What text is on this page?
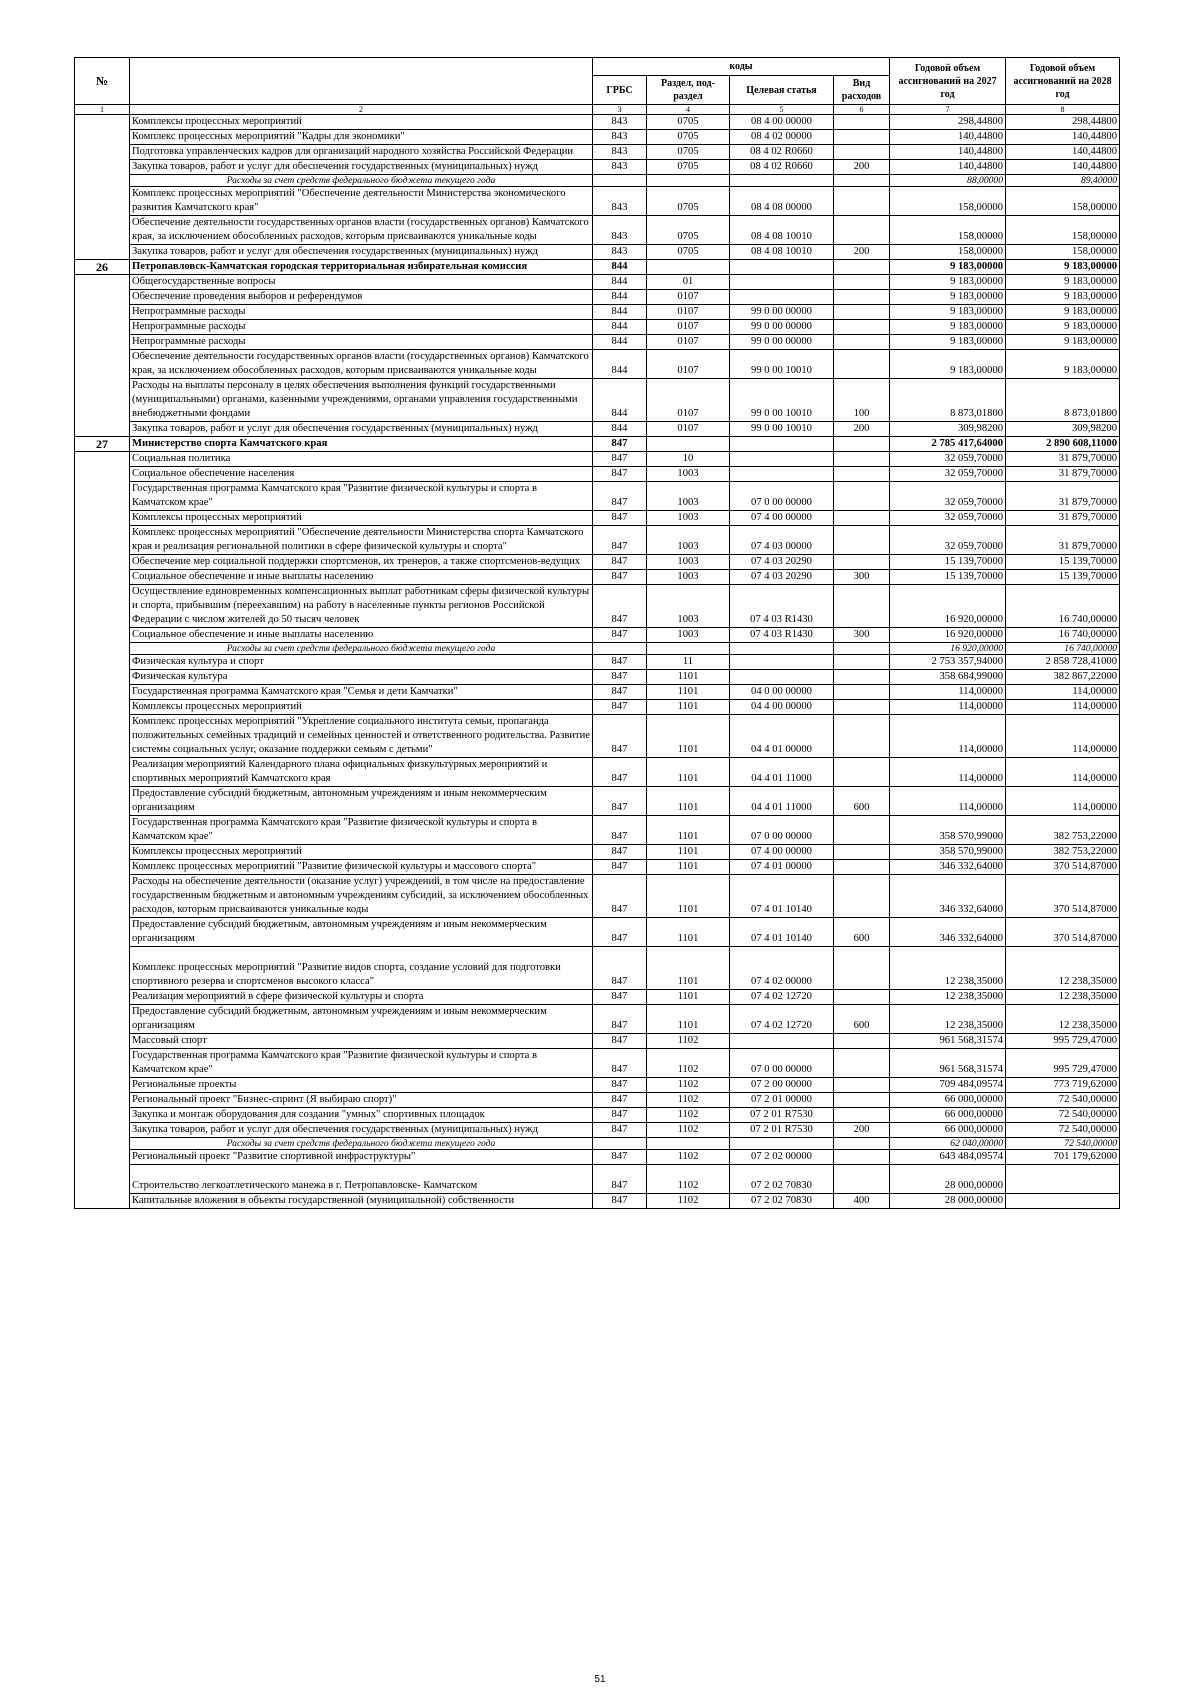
№		коды				Годовой объем ассигнований на 2027 год	Годовой объем ассигнований на 2028 год
		ГРБС	Раздел, под-раздел	Целевая статья	Вид расходов		
1	2	3	4	5	6	7	8
	Комплексы процессных мероприятий	843	0705	08 4 00 00000		298,44800	298,44800
	Комплекс процессных мероприятий "Кадры для экономики"	843	0705	08 4 02 00000		140,44800	140,44800
	Подготовка управленческих кадров для организаций народного хозяйства Российской Федерации	843	0705	08 4 02 R0660		140,44800	140,44800
	Закупка товаров, работ и услуг для обеспечения государственных (муниципальных) нужд	843	0705	08 4 02 R0660	200	140,44800	140,44800
	Расходы за счет средств федерального бюджета текущего года					88,00000	89,40000
	Комплекс процессных мероприятий "Обеспечение деятельности Министерства экономического развития Камчатского края"	843	0705	08 4 08 00000		158,00000	158,00000
	Обеспечение деятельности государственных органов власти (государственных органов) Камчатского края, за исключением обособленных расходов, которым присваиваются уникальные коды	843	0705	08 4 08 10010		158,00000	158,00000
	Закупка товаров, работ и услуг для обеспечения государственных (муниципальных) нужд	843	0705	08 4 08 10010	200	158,00000	158,00000
26	Петропавловск-Камчатская городская территориальная избирательная комиссия	844				9 183,00000	9 183,00000
	Общегосударственные вопросы	844	01			9 183,00000	9 183,00000
	Обеспечение проведения выборов и референдумов	844	0107			9 183,00000	9 183,00000
	Непрограммные расходы	844	0107	99 0 00 00000		9 183,00000	9 183,00000
	Непрограммные расходы	844	0107	99 0 00 00000		9 183,00000	9 183,00000
	Непрограммные расходы	844	0107	99 0 00 00000		9 183,00000	9 183,00000
	Обеспечение деятельности государственных органов власти (государственных органов) Камчатского края, за исключением обособленных расходов, которым присваиваются уникальные коды	844	0107	99 0 00 10010		9 183,00000	9 183,00000
	Расходы на выплаты персоналу в целях обеспечения выполнения функций государственными (муниципальными) органами, казенными учреждениями, органами управления государственными внебюджетными фондами	844	0107	99 0 00 10010	100	8 873,01800	8 873,01800
	Закупка товаров, работ и услуг для обеспечения государственных (муниципальных) нужд	844	0107	99 0 00 10010	200	309,98200	309,98200
27	Министерство спорта Камчатского края	847				2 785 417,64000	2 890 608,11000
	Социальная политика	847	10			32 059,70000	31 879,70000
	Социальное обеспечение населения	847	1003			32 059,70000	31 879,70000
	Государственная программа Камчатского края "Развитие физической культуры и спорта в Камчатском крае"	847	1003	07 0 00 00000		32 059,70000	31 879,70000
	Комплексы процессных мероприятий	847	1003	07 4 00 00000		32 059,70000	31 879,70000
	Комплекс процессных мероприятий "Обеспечение деятельности Министерства спорта Камчатского края и реализация региональной политики в сфере физической культуры и спорта"	847	1003	07 4 03 00000		32 059,70000	31 879,70000
	Обеспечение мер социальной поддержки спортсменов, их тренеров, а также спортсменов-ведущих	847	1003	07 4 03 20290		15 139,70000	15 139,70000
	Социальное обеспечение и иные выплаты населению	847	1003	07 4 03 20290	300	15 139,70000	15 139,70000
	Осуществление единовременных компенсационных выплат работникам сферы физической культуры и спорта, прибывшим (переехавшим) на работу в населенные пункты регионов Российской Федерации с числом жителей до 50 тысяч человек	847	1003	07 4 03 R1430		16 920,00000	16 740,00000
	Социальное обеспечение и иные выплаты населению	847	1003	07 4 03 R1430	300	16 920,00000	16 740,00000
	Расходы за счет средств федерального бюджета текущего года					16 920,00000	16 740,00000
	Физическая культура и спорт	847	11			2 753 357,94000	2 858 728,41000
	Физическая культура	847	1101			358 684,99000	382 867,22000
	Государственная программа Камчатского края "Семья и дети Камчатки"	847	1101	04 0 00 00000		114,00000	114,00000
	Комплексы процессных мероприятий	847	1101	04 4 00 00000		114,00000	114,00000
	Комплекс процессных мероприятий "Укрепление социального института семьи, пропаганда положительных семейных традиций и семейных ценностей и ответственного родительства. Развитие системы социальных услуг, оказание поддержки семьям с детьми"	847	1101	04 4 01 00000		114,00000	114,00000
	Реализация мероприятий Календарного плана официальных физкультурных мероприятий и спортивных мероприятий Камчатского края	847	1101	04 4 01 11000		114,00000	114,00000
	Предоставление субсидий бюджетным, автономным учреждениям и иным некоммерческим организациям	847	1101	04 4 01 11000	600	114,00000	114,00000
	Государственная программа Камчатского края "Развитие физической культуры и спорта в Камчатском крае"	847	1101	07 0 00 00000		358 570,99000	382 753,22000
	Комплексы процессных мероприятий	847	1101	07 4 00 00000		358 570,99000	382 753,22000
	Комплекс процессных мероприятий "Развитие физической культуры и массового спорта"	847	1101	07 4 01 00000		346 332,64000	370 514,87000
	Расходы на обеспечение деятельности (оказание услуг) учреждений, в том числе на предоставление государственным бюджетным и автономным учреждениям субсидий, за исключением обособленных расходов, которым присваиваются уникальные коды	847	1101	07 4 01 10140		346 332,64000	370 514,87000
	Предоставление субсидий бюджетным, автономным учреждениям и иным некоммерческим организациям	847	1101	07 4 01 10140	600	346 332,64000	370 514,87000
	Комплекс процессных мероприятий "Развитие видов спорта, создание условий для подготовки спортивного резерва и спортсменов высокого класса"	847	1101	07 4 02 00000		12 238,35000	12 238,35000
	Реализация мероприятий в сфере физической культуры и спорта	847	1101	07 4 02 12720		12 238,35000	12 238,35000
	Предоставление субсидий бюджетным, автономным учреждениям и иным некоммерческим организациям	847	1101	07 4 02 12720	600	12 238,35000	12 238,35000
	Массовый спорт	847	1102			961 568,31574	995 729,47000
	Государственная программа Камчатского края "Развитие физической культуры и спорта в Камчатском крае"	847	1102	07 0 00 00000		961 568,31574	995 729,47000
	Региональные проекты	847	1102	07 2 00 00000		709 484,09574	773 719,62000
	Региональный проект "Бизнес-спринт (Я выбираю спорт)"	847	1102	07 2 01 00000		66 000,00000	72 540,00000
	Закупка и монтаж оборудования для создания "умных" спортивных площадок	847	1102	07 2 01 R7530		66 000,00000	72 540,00000
	Закупка товаров, работ и услуг для обеспечения государственных (муниципальных) нужд	847	1102	07 2 01 R7530	200	66 000,00000	72 540,00000
	Расходы за счет средств федерального бюджета текущего года					62 040,00000	72 540,00000
	Региональный проект "Развитие спортивной инфраструктуры"	847	1102	07 2 02 00000		643 484,09574	701 179,62000
	Строительство легкоатлетического манежа в г. Петропавловске- Камчатском	847	1102	07 2 02 70830		28 000,00000	
	Капитальные вложения в объекты государственной (муниципальной) собственности	847	1102	07 2 02 70830	400	28 000,00000	
51
